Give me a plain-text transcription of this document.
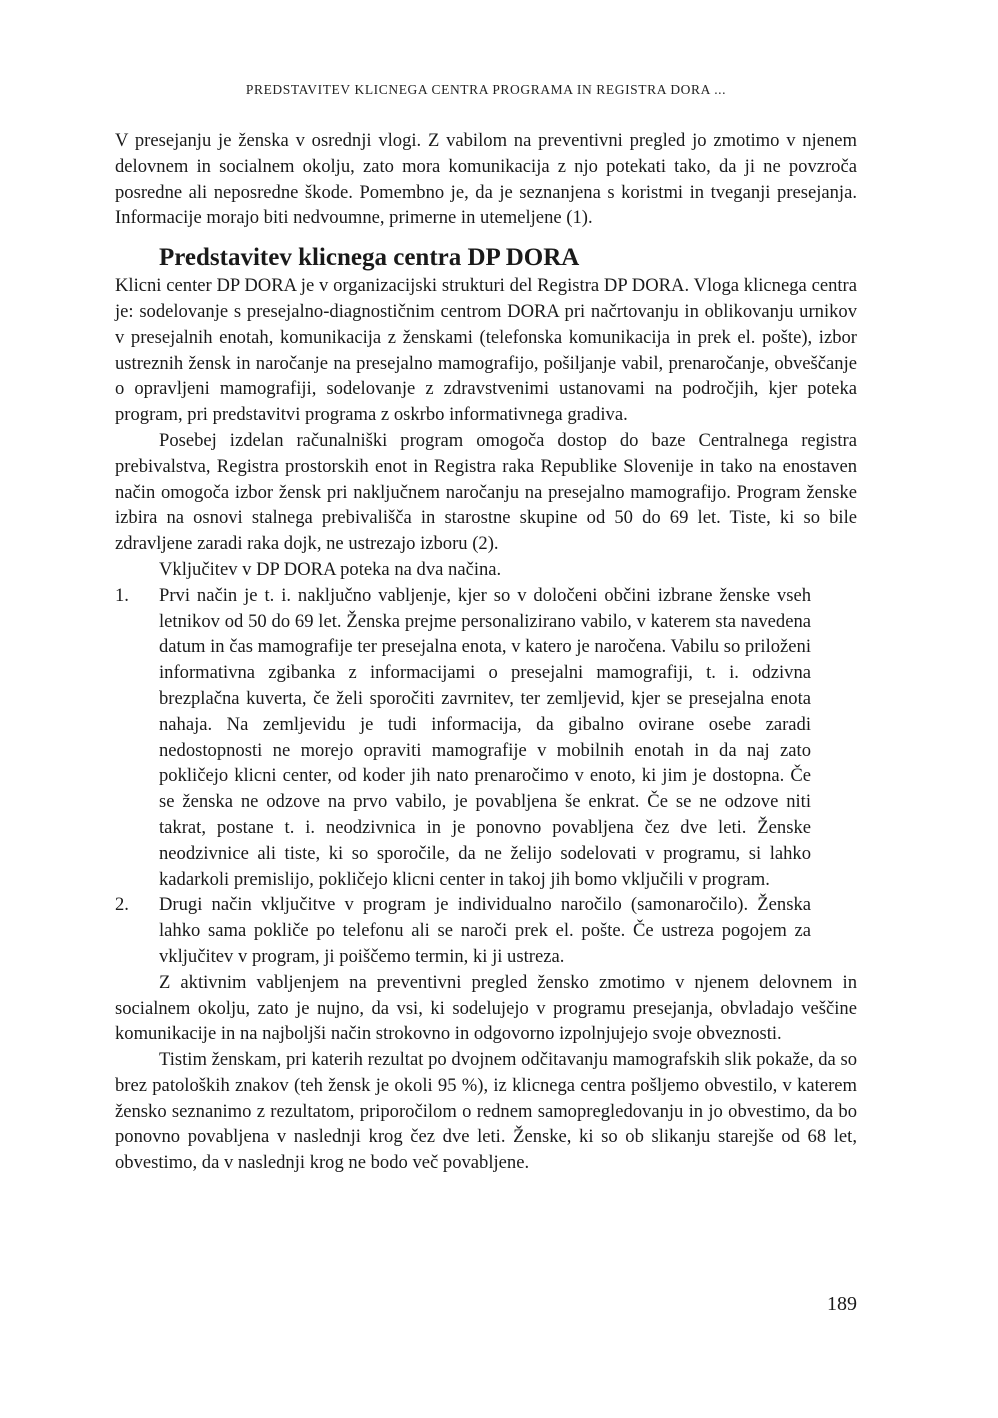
PREDSTAVITEV KLICNEGA CENTRA PROGRAMA IN REGISTRA DORA ...

V presejanju je ženska v osrednji vlogi. Z vabilom na preventivni pregled jo zmotimo v njenem delovnem in socialnem okolju, zato mora komunikacija z njo potekati tako, da ji ne povzroča posredne ali neposredne škode. Pomembno je, da je seznanjena s koristmi in tveganji presejanja. Informacije morajo biti nedvoumne, primerne in utemeljene (1).

Predstavitev klicnega centra DP DORA

Klicni center DP DORA je v organizacijski strukturi del Registra DP DORA. Vloga klicnega centra je: sodelovanje s presejalno-diagnostičnim centrom DORA pri načrtovanju in oblikovanju urnikov v presejalnih enotah, komunikacija z ženskami (telefonska komunikacija in prek el. pošte), izbor ustreznih žensk in naročanje na presejalno mamografijo, pošiljanje vabil, prenaročanje, obveščanje o opravljeni mamografiji, sodelovanje z zdravstvenimi ustanovami na področjih, kjer poteka program, pri predstavitvi programa z oskrbo informativnega gradiva.

Posebej izdelan računalniški program omogoča dostop do baze Centralnega registra prebivalstva, Registra prostorskih enot in Registra raka Republike Slovenije in tako na enostaven način omogoča izbor žensk pri naključnem naročanju na presejalno mamografijo. Program ženske izbira na osnovi stalnega prebivališča in starostne skupine od 50 do 69 let. Tiste, ki so bile zdravljene zaradi raka dojk, ne ustrezajo izboru (2).

Vključitev v DP DORA poteka na dva načina.

1. Prvi način je t. i. naključno vabljenje, kjer so v določeni občini izbrane ženske vseh letnikov od 50 do 69 let. Ženska prejme personalizirano vabilo, v katerem sta navedena datum in čas mamografije ter presejalna enota, v katero je naročena. Vabilu so priloženi informativna zgibanka z informacijami o presejalni mamografiji, t. i. odzivna brezplačna kuverta, če želi sporočiti zavrnitev, ter zemljevid, kjer se presejalna enota nahaja. Na zemljevidu je tudi informacija, da gibalno ovirane osebe zaradi nedostopnosti ne morejo opraviti mamografije v mobilnih enotah in da naj zato pokličejo klicni center, od koder jih nato prenaročimo v enoto, ki jim je dostopna. Če se ženska ne odzove na prvo vabilo, je povabljena še enkrat. Če se ne odzove niti takrat, postane t. i. neodzivnica in je ponovno povabljena čez dve leti. Ženske neodzivnice ali tiste, ki so sporočile, da ne želijo sodelovati v programu, si lahko kadarkoli premislijo, pokličejo klicni center in takoj jih bomo vključili v program.
2. Drugi način vključitve v program je individualno naročilo (samonaročilo). Ženska lahko sama pokliče po telefonu ali se naroči prek el. pošte. Če ustreza pogojem za vključitev v program, ji poiščemo termin, ki ji ustreza.

Z aktivnim vabljenjem na preventivni pregled žensko zmotimo v njenem delovnem in socialnem okolju, zato je nujno, da vsi, ki sodelujejo v programu presejanja, obvladajo veščine komunikacije in na najboljši način strokovno in odgovorno izpolnjujejo svoje obveznosti.

Tistim ženskam, pri katerih rezultat po dvojnem odčitavanju mamografskih slik pokaže, da so brez patoloških znakov (teh žensk je okoli 95 %), iz klicnega centra pošljemo obvestilo, v katerem žensko seznanimo z rezultatom, priporočilom o rednem samopregledovanju in jo obvestimo, da bo ponovno povabljena v naslednji krog čez dve leti. Ženske, ki so ob slikanju starejše od 68 let, obvestimo, da v naslednji krog ne bodo več povabljene.

189
